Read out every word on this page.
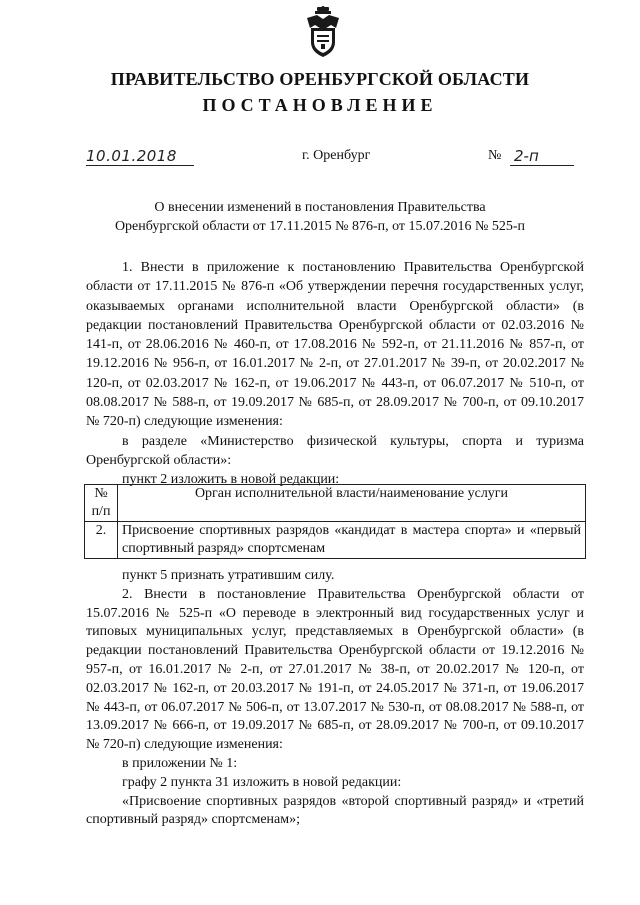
ПРАВИТЕЛЬСТВО ОРЕНБУРГСКОЙ ОБЛАСТИ
ПОСТАНОВЛЕНИЕ
10.01.2018	г. Оренбург	№ 2-п
О внесении изменений в постановления Правительства
Оренбургской области от 17.11.2015 № 876-п, от 15.07.2016 № 525-п

1. Внести в приложение к постановлению Правительства Оренбургской области от 17.11.2015 № 876-п «Об утверждении перечня государственных услуг, оказываемых органами исполнительной власти Оренбургской области» (в редакции постановлений Правительства Оренбургской области от 02.03.2016 № 141-п, от 28.06.2016 № 460-п, от 17.08.2016 № 592-п, от 21.11.2016 № 857-п, от 19.12.2016 № 956-п, от 16.01.2017 № 2-п, от 27.01.2017 № 39-п, от 20.02.2017 № 120-п, от 02.03.2017 № 162-п, от 19.06.2017 № 443-п, от 06.07.2017 № 510-п, от 08.08.2017 № 588-п, от 19.09.2017 № 685-п, от 28.09.2017 № 700-п, от 09.10.2017 № 720-п) следующие изменения:

в разделе «Министерство физической культуры, спорта и туризма Оренбургской области»:

пункт 2 изложить в новой редакции:

№ п/п	Орган исполнительной власти/наименование услуги
2.	Присвоение спортивных разрядов «кандидат в мастера спорта» и «первый спортивный разряд» спортсменам

пункт 5 признать утратившим силу.

2. Внести в постановление Правительства Оренбургской области от 15.07.2016 № 525-п «О переводе в электронный вид государственных услуг и типовых муниципальных услуг, представляемых в Оренбургской области» (в редакции постановлений Правительства Оренбургской области от 19.12.2016 № 957-п, от 16.01.2017 № 2-п, от 27.01.2017 № 38-п, от 20.02.2017 № 120-п, от 02.03.2017 № 162-п, от 20.03.2017 № 191-п, от 24.05.2017 № 371-п, от 19.06.2017 № 443-п, от 06.07.2017 № 506-п, от 13.07.2017 № 530-п, от 08.08.2017 № 588-п, от 13.09.2017 № 666-п, от 19.09.2017 № 685-п, от 28.09.2017 № 700-п, от 09.10.2017 № 720-п) следующие изменения:

в приложении № 1:

графу 2 пункта 31 изложить в новой редакции:

«Присвоение спортивных разрядов «второй спортивный разряд» и «третий спортивный разряд» спортсменам»;
